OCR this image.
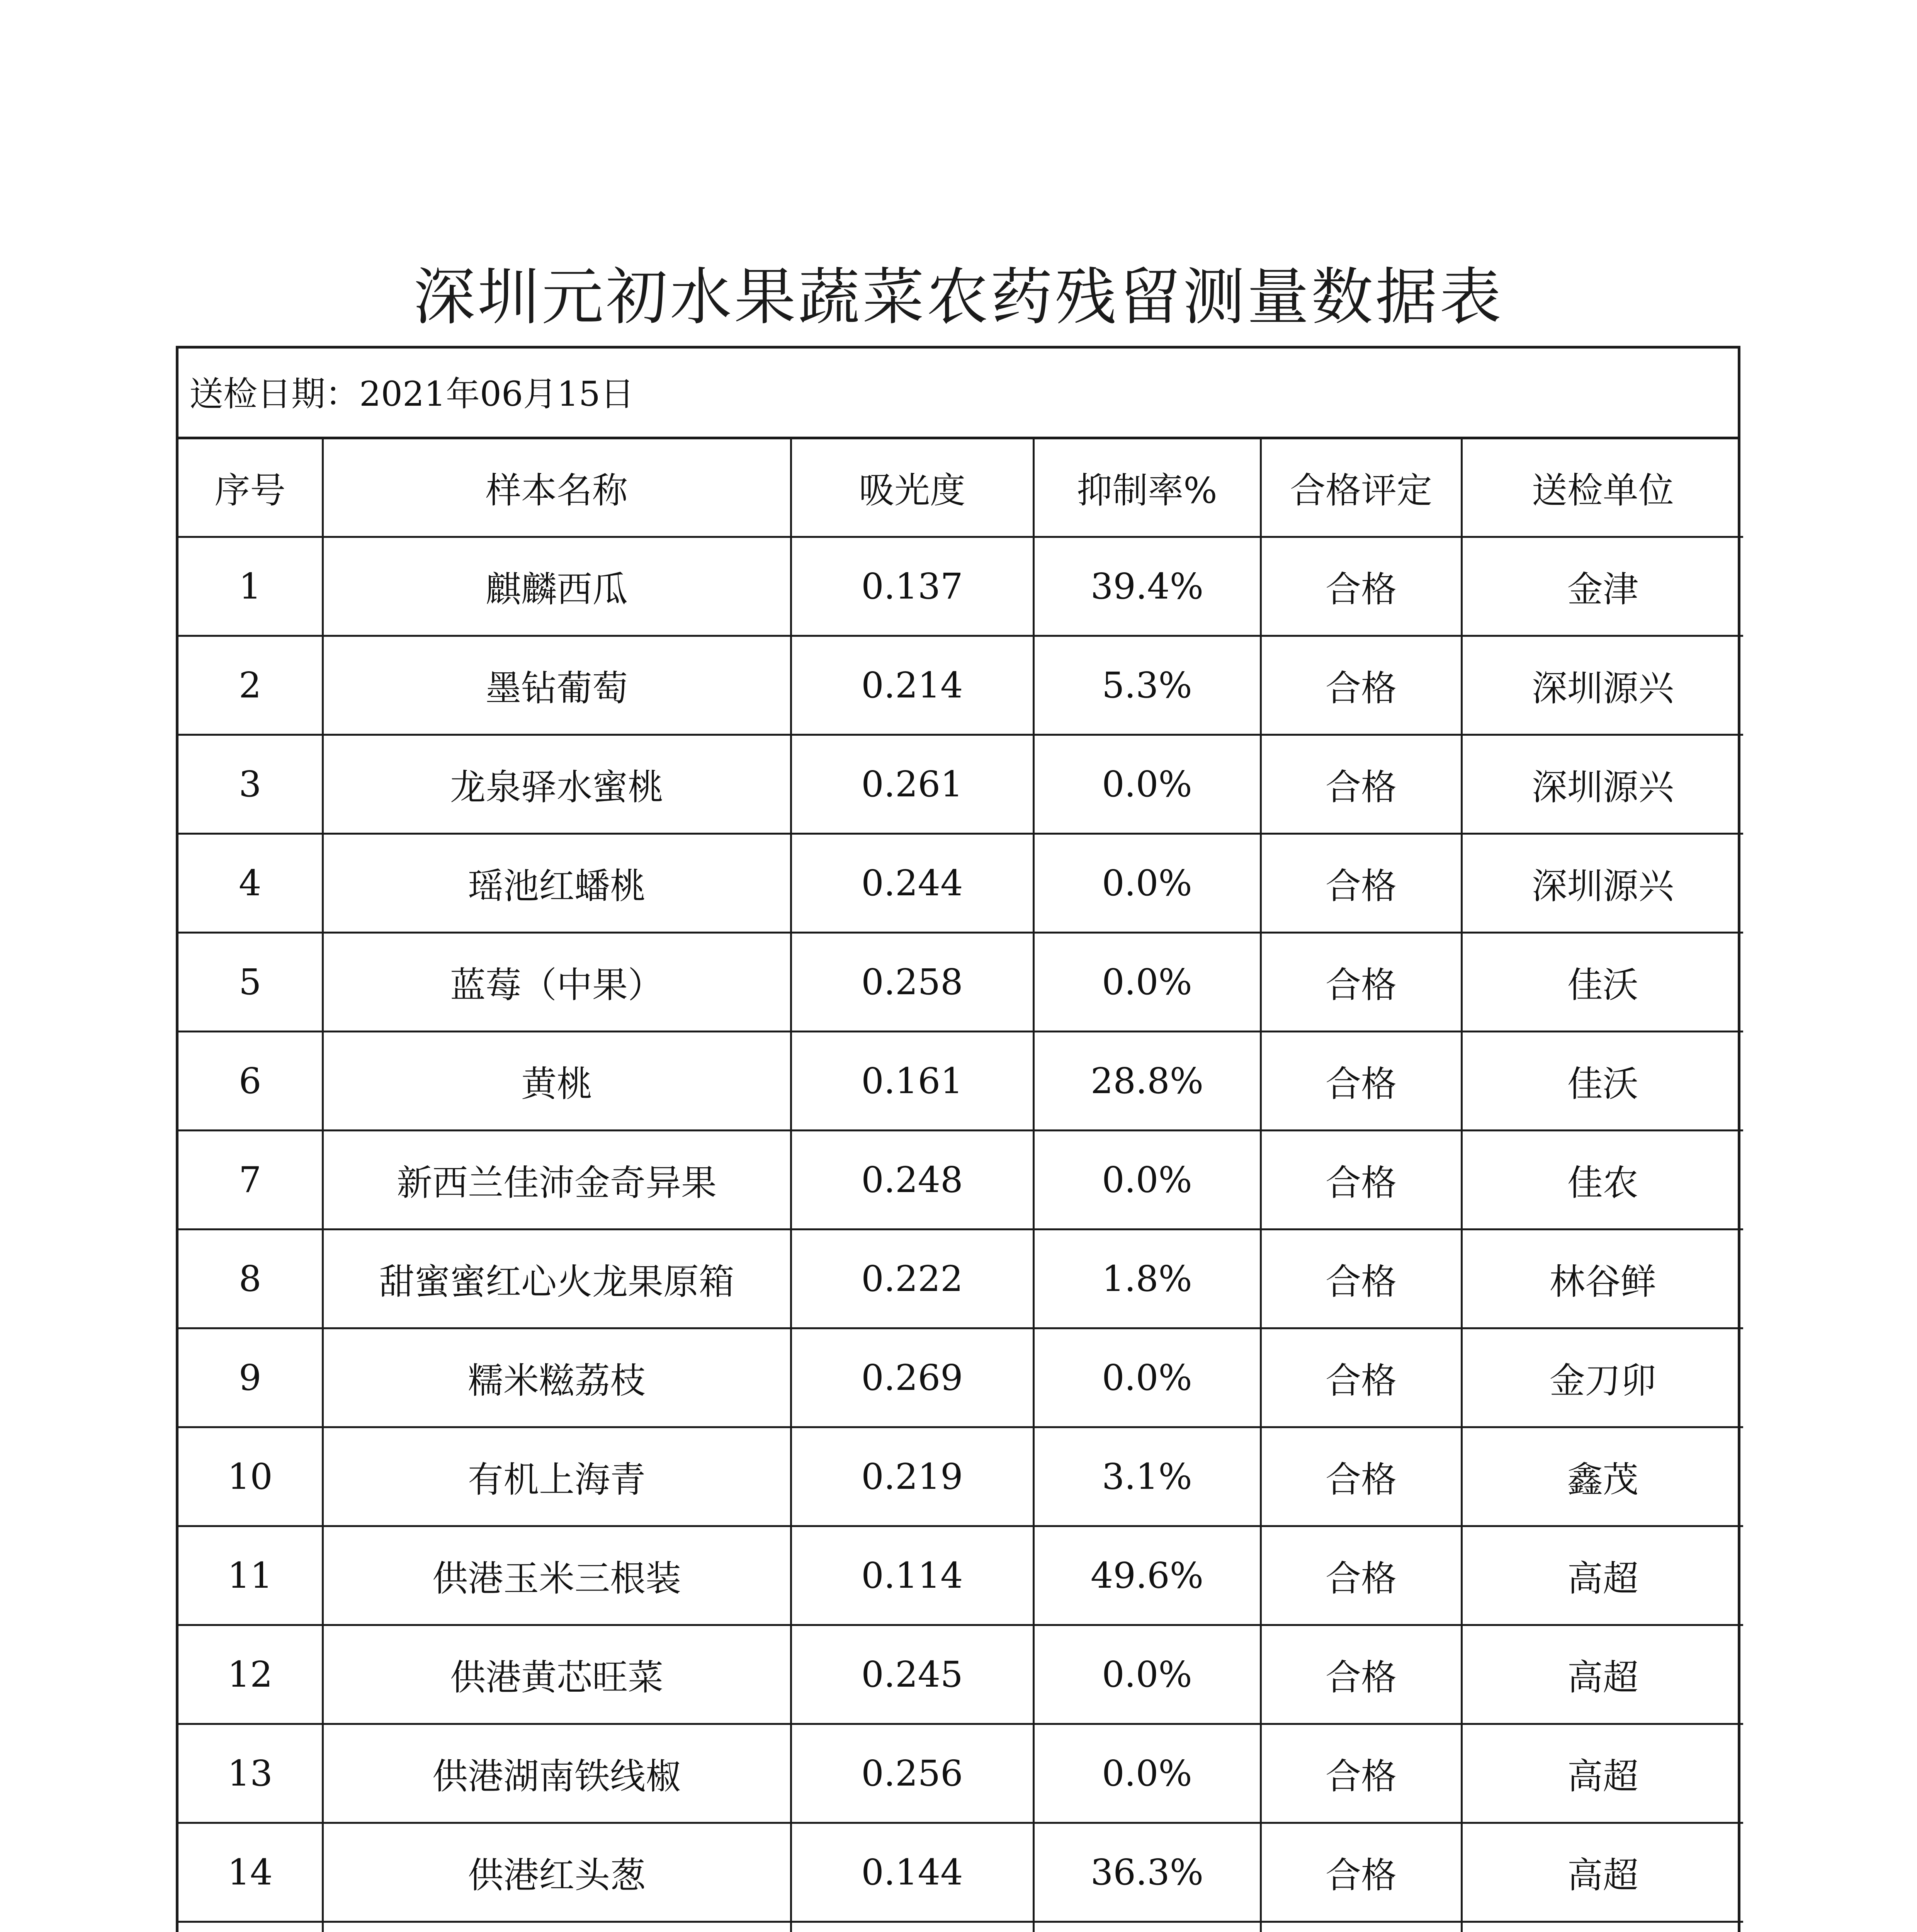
深圳元初水果蔬菜农药残留测量数据表
送检日期：2021年06月15日
序号	样本名称	吸光度	抑制率%	合格评定	送检单位
1	麒麟西瓜	0.137	39.4%	合格	金津
2	墨钻葡萄	0.214	5.3%	合格	深圳源兴
3	龙泉驿水蜜桃	0.261	0.0%	合格	深圳源兴
4	瑶池红蟠桃	0.244	0.0%	合格	深圳源兴
5	蓝莓（中果）	0.258	0.0%	合格	佳沃
6	黄桃	0.161	28.8%	合格	佳沃
7	新西兰佳沛金奇异果	0.248	0.0%	合格	佳农
8	甜蜜蜜红心火龙果原箱	0.222	1.8%	合格	林谷鲜
9	糯米糍荔枝	0.269	0.0%	合格	金刀卯
10	有机上海青	0.219	3.1%	合格	鑫茂
11	供港玉米三根装	0.114	49.6%	合格	高超
12	供港黄芯旺菜	0.245	0.0%	合格	高超
13	供港湖南铁线椒	0.256	0.0%	合格	高超
14	供港红头葱	0.144	36.3%	合格	高超
